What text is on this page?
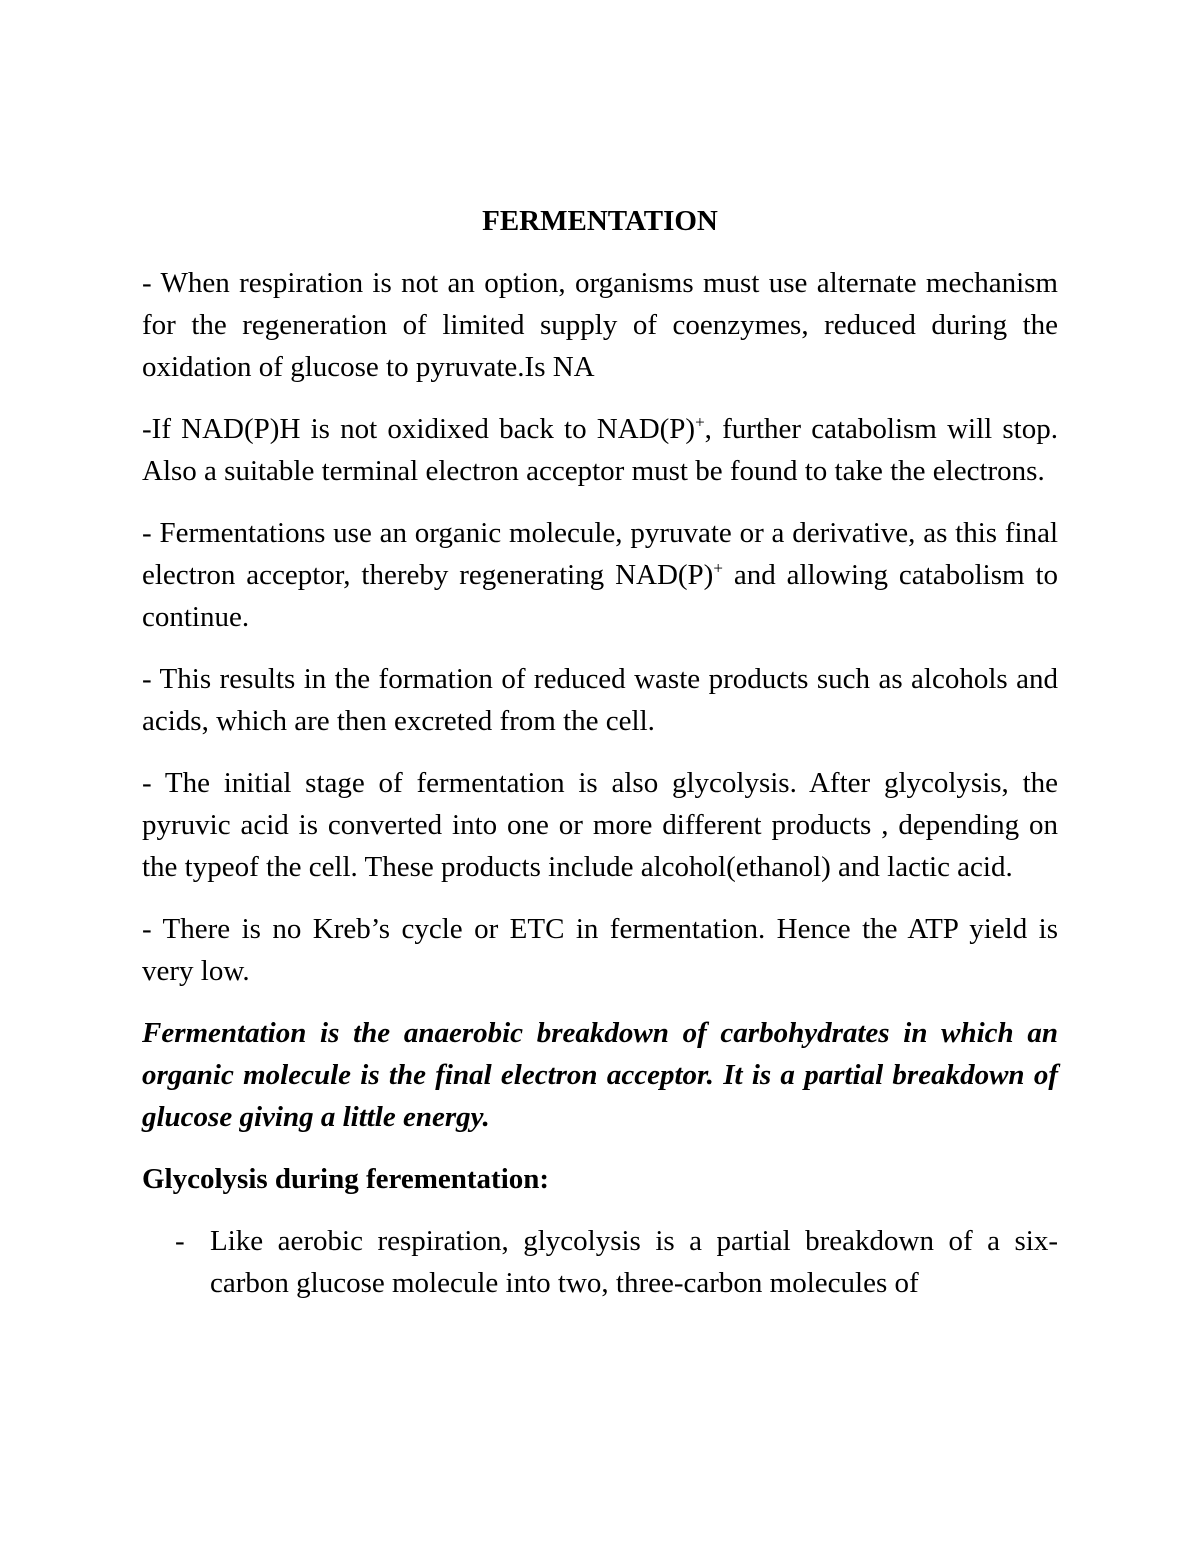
FERMENTATION

- When respiration is not an option, organisms must use alternate mechanism for the regeneration of limited supply of coenzymes, reduced during the oxidation of glucose to pyruvate.Is NA

-If NAD(P)H is not oxidixed back to NAD(P)+, further catabolism will stop. Also a suitable terminal electron acceptor must be found to take the electrons.

- Fermentations use an organic molecule, pyruvate or a derivative, as this final electron acceptor, thereby regenerating NAD(P)+ and allowing catabolism to continue.

- This results in the formation of reduced waste products such as alcohols and acids, which are then excreted from the cell.

- The initial stage of fermentation is also glycolysis. After glycolysis, the pyruvic acid is converted into one or more different products , depending on the typeof the cell. These products include alcohol(ethanol) and lactic acid.

- There is no Kreb’s cycle or ETC in fermentation. Hence the ATP yield is very low.

Fermentation is the anaerobic breakdown of carbohydrates in which an organic molecule is the final electron acceptor. It is a partial breakdown of glucose giving a little energy.

Glycolysis during ferementation:

- Like aerobic respiration, glycolysis is a partial breakdown of a six-carbon glucose molecule into two, three-carbon molecules of
